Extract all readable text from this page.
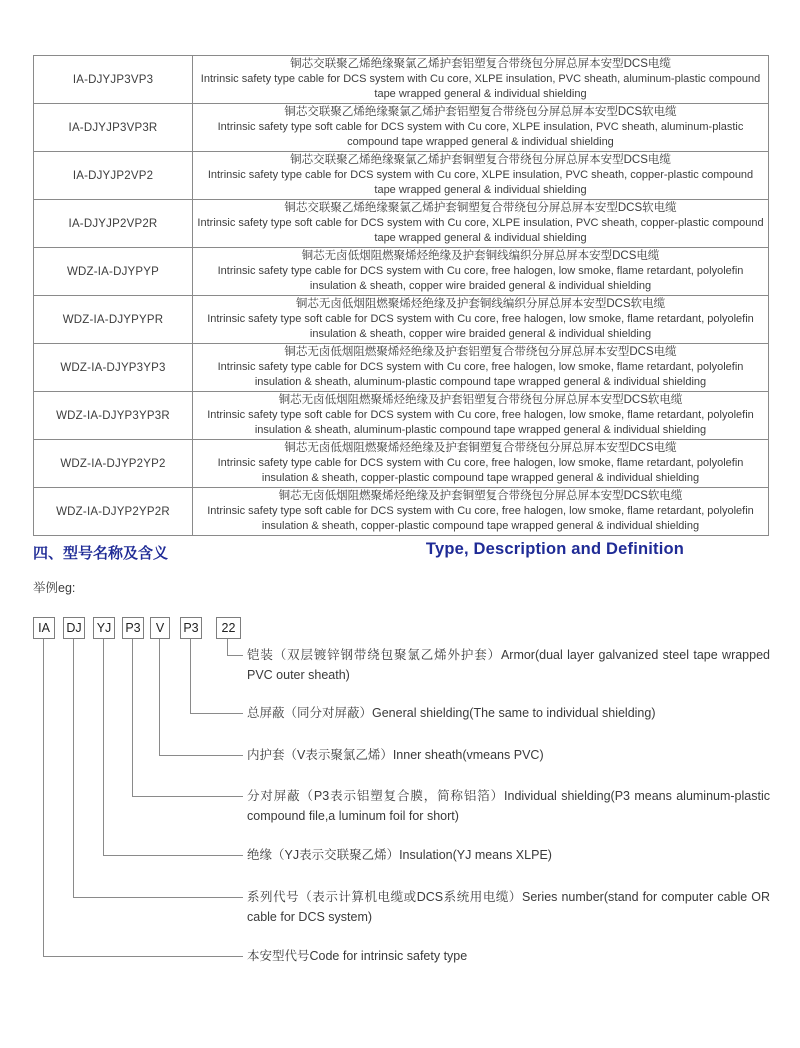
IA-DJYJP3VP3	铜芯交联聚乙烯绝缘聚氯乙烯护套铝塑复合带绕包分屏总屏本安型DCS电缆
Intrinsic safety type cable for DCS system with Cu core, XLPE insulation, PVC sheath, aluminum-plastic compound tape wrapped general & individual shielding

IA-DJYJP3VP3R	铜芯交联聚乙烯绝缘聚氯乙烯护套铝塑复合带绕包分屏总屏本安型DCS软电缆
Intrinsic safety type soft cable for DCS system with Cu core, XLPE insulation, PVC sheath, aluminum-plastic compound tape wrapped general & individual shielding

IA-DJYJP2VP2	铜芯交联聚乙烯绝缘聚氯乙烯护套铜塑复合带绕包分屏总屏本安型DCS电缆
Intrinsic safety type cable for DCS system with Cu core, XLPE insulation, PVC sheath, copper-plastic compound tape wrapped general & individual shielding

IA-DJYJP2VP2R	铜芯交联聚乙烯绝缘聚氯乙烯护套铜塑复合带绕包分屏总屏本安型DCS软电缆
Intrinsic safety type soft cable for DCS system with Cu core, XLPE insulation, PVC sheath, copper-plastic compound tape wrapped general & individual shielding

WDZ-IA-DJYPYP	铜芯无卤低烟阻燃聚烯烃绝缘及护套铜线编织分屏总屏本安型DCS电缆
Intrinsic safety type cable for DCS system with Cu core, free halogen, low smoke, flame retardant, polyolefin insulation & sheath, copper wire braided general & individual shielding

WDZ-IA-DJYPYPR	铜芯无卤低烟阻燃聚烯烃绝缘及护套铜线编织分屏总屏本安型DCS软电缆
Intrinsic safety type soft cable for DCS system with Cu core, free halogen, low smoke, flame retardant, polyolefin insulation & sheath, copper wire braided general & individual shielding

WDZ-IA-DJYP3YP3	铜芯无卤低烟阻燃聚烯烃绝缘及护套铝塑复合带绕包分屏总屏本安型DCS电缆
Intrinsic safety type cable for DCS system with Cu core, free halogen, low smoke, flame retardant, polyolefin insulation & sheath, aluminum-plastic compound tape wrapped general & individual shielding

WDZ-IA-DJYP3YP3R	铜芯无卤低烟阻燃聚烯烃绝缘及护套铝塑复合带绕包分屏总屏本安型DCS软电缆
Intrinsic safety type soft cable for DCS system with Cu core, free halogen, low smoke, flame retardant, polyolefin insulation & sheath, aluminum-plastic compound tape wrapped general & individual shielding

WDZ-IA-DJYP2YP2	铜芯无卤低烟阻燃聚烯烃绝缘及护套铜塑复合带绕包分屏总屏本安型DCS电缆
Intrinsic safety type cable for DCS system with Cu core, free halogen, low smoke, flame retardant, polyolefin insulation & sheath, copper-plastic compound tape wrapped general & individual shielding

WDZ-IA-DJYP2YP2R	铜芯无卤低烟阻燃聚烯烃绝缘及护套铜塑复合带绕包分屏总屏本安型DCS软电缆
Intrinsic safety type soft cable for DCS system with Cu core, free halogen, low smoke, flame retardant, polyolefin insulation & sheath, copper-plastic compound tape wrapped general & individual shielding
四、型号名称及含义	Type, Description and Definition
举例eg:
IA	DJ YJ P3	V	P3	22
铠装（双层镀锌钢带绕包聚氯乙烯外护套）Armor(dual layer galvanized steel tape wrapped PVC outer sheath)
总屏蔽（同分对屏蔽）General shielding(The same to individual shielding)
内护套（V表示聚氯乙烯）Inner sheath(vmeans PVC)
分对屏蔽（P3表示铝塑复合膜，简称铝箔）Individual shielding(P3 means aluminum-plastic compound file,a luminum foil for short)
绝缘（YJ表示交联聚乙烯）Insulation(YJ means XLPE)
系列代号（表示计算机电缆或DCS系统用电缆）Series number(stand for computer cable OR cable for DCS system)
本安型代号Code for intrinsic safety type
